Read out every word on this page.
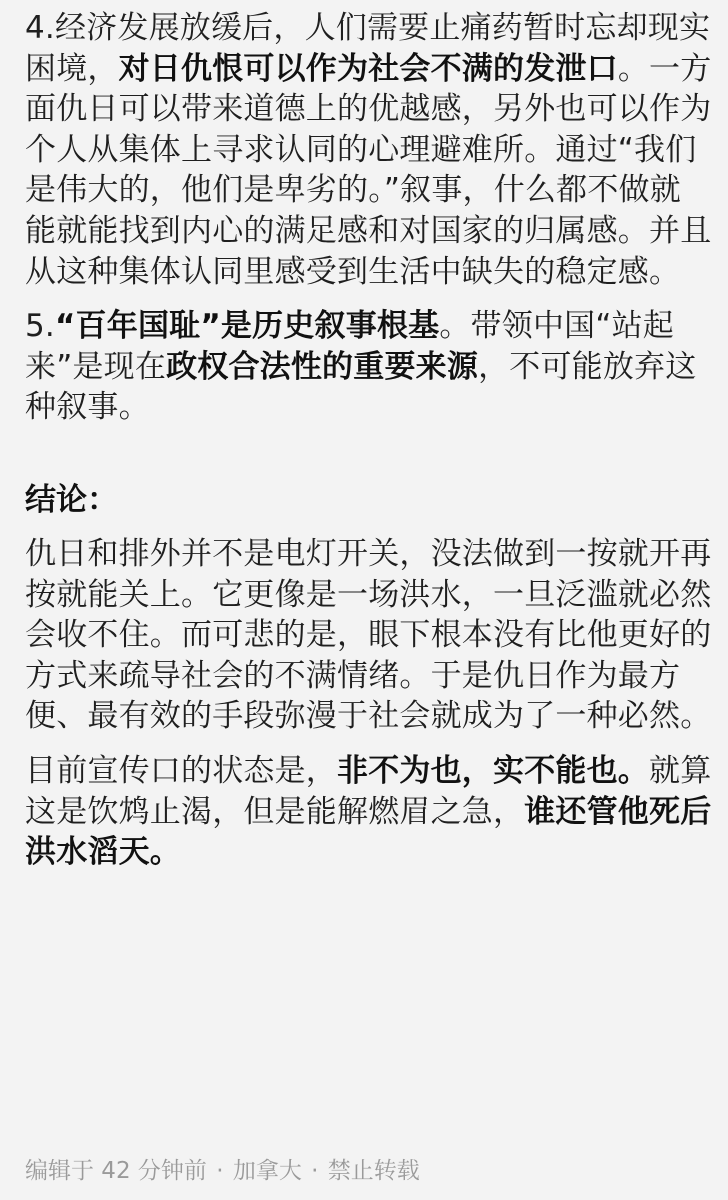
4.经济发展放缓后，人们需要止痛药暂时忘却现实困境，对日仇恨可以作为社会不满的发泄口。一方面仇日可以带来道德上的优越感，另外也可以作为个人从集体上寻求认同的心理避难所。通过“我们是伟大的，他们是卑劣的。”叙事，什么都不做就能就能找到内心的满足感和对国家的归属感。并且从这种集体认同里感受到生活中缺失的稳定感。

5.“百年国耻”是历史叙事根基。带领中国“站起来”是现在政权合法性的重要来源，不可能放弃这种叙事。

结论：

仇日和排外并不是电灯开关，没法做到一按就开再按就能关上。它更像是一场洪水，一旦泛滥就必然会收不住。而可悲的是，眼下根本没有比他更好的方式来疏导社会的不满情绪。于是仇日作为最方便、最有效的手段弥漫于社会就成为了一种必然。

目前宣传口的状态是，非不为也，实不能也。就算这是饮鸩止渴，但是能解燃眉之急，谁还管他死后洪水滔天。

编辑于 42 分钟前 · 加拿大 · 禁止转载
